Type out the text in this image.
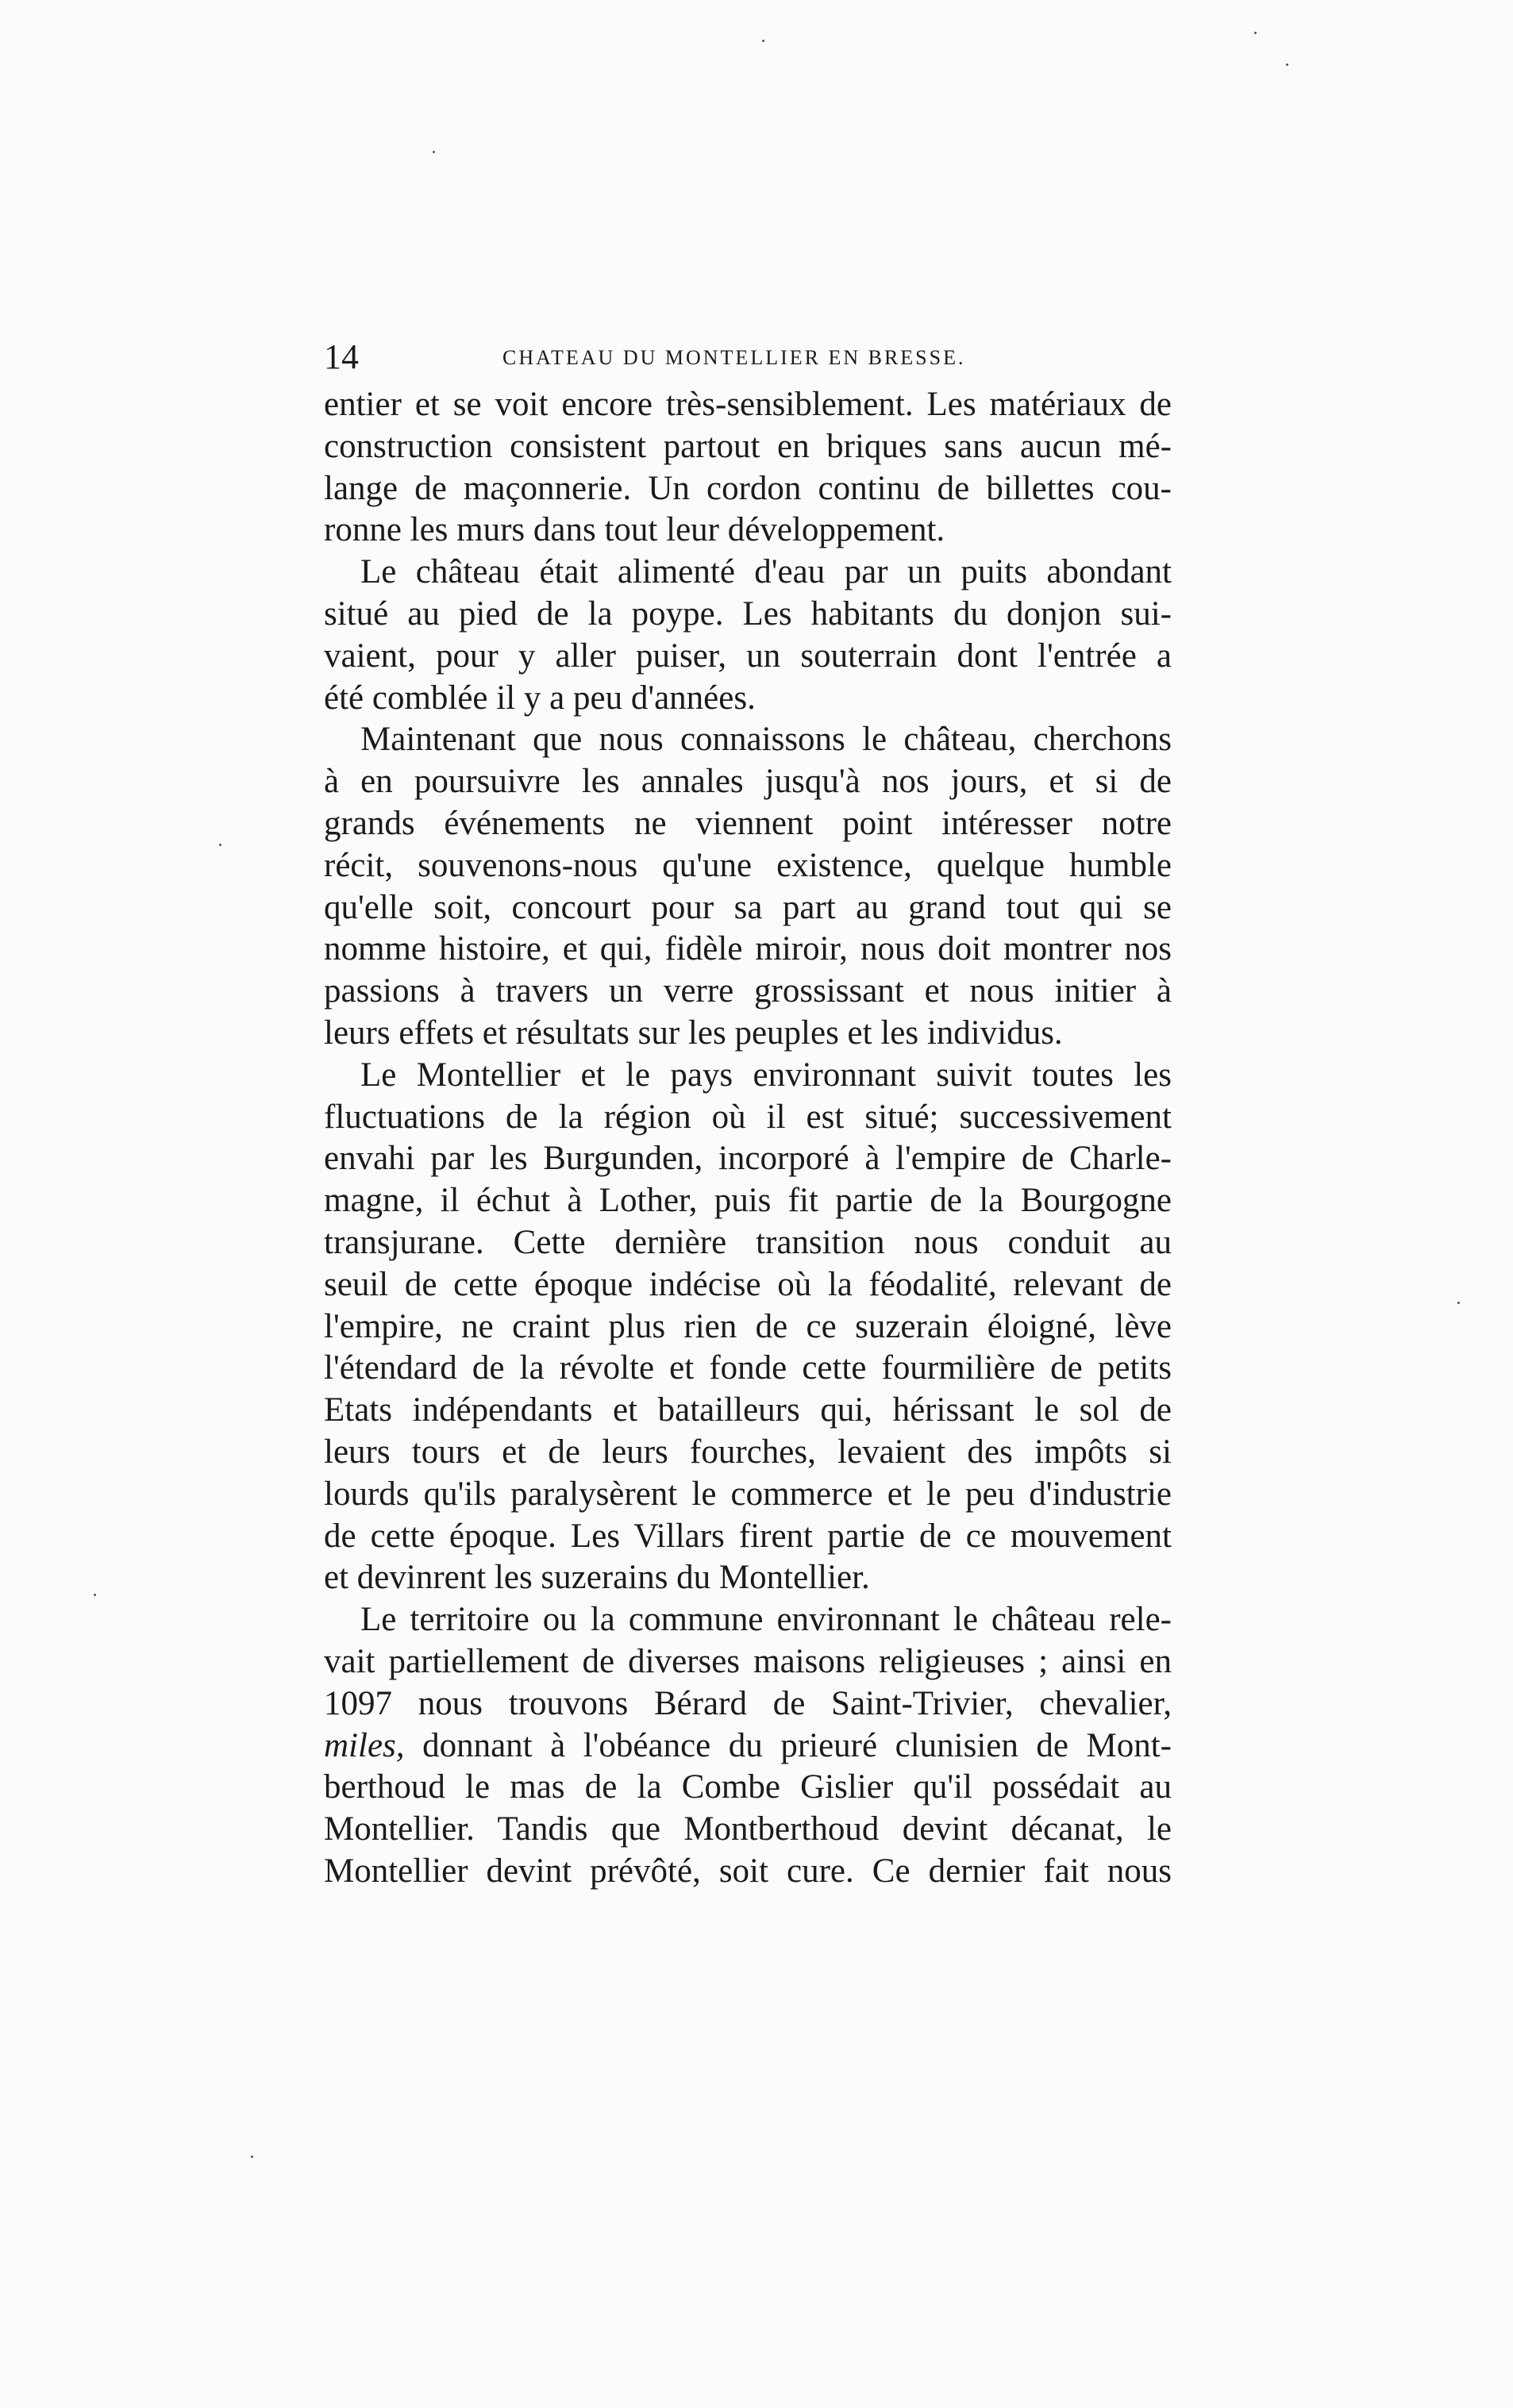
14	CHATEAU DU MONTELLIER EN BRESSE.
entier et se voit encore très-sensiblement. Les matériaux de
construction consistent partout en briques sans aucun mé-
lange de maçonnerie. Un cordon continu de billettes cou-
ronne les murs dans tout leur développement.
Le château était alimenté d'eau par un puits abondant
situé au pied de la poype. Les habitants du donjon sui-
vaient, pour y aller puiser, un souterrain dont l'entrée a
été comblée il y a peu d'années.
Maintenant que nous connaissons le château, cherchons
à en poursuivre les annales jusqu'à nos jours, et si de
grands événements ne viennent point intéresser notre
récit, souvenons-nous qu'une existence, quelque humble
qu'elle soit, concourt pour sa part au grand tout qui se
nomme histoire, et qui, fidèle miroir, nous doit montrer nos
passions à travers un verre grossissant et nous initier à
leurs effets et résultats sur les peuples et les individus.
Le Montellier et le pays environnant suivit toutes les
fluctuations de la région où il est situé; successivement
envahi par les Burgunden, incorporé à l'empire de Charle-
magne, il échut à Lother, puis fit partie de la Bourgogne
transjurane. Cette dernière transition nous conduit au
seuil de cette époque indécise où la féodalité, relevant de
l'empire, ne craint plus rien de ce suzerain éloigné, lève
l'étendard de la révolte et fonde cette fourmilière de petits
Etats indépendants et batailleurs qui, hérissant le sol de
leurs tours et de leurs fourches, levaient des impôts si
lourds qu'ils paralysèrent le commerce et le peu d'industrie
de cette époque. Les Villars firent partie de ce mouvement
et devinrent les suzerains du Montellier.
Le territoire ou la commune environnant le château rele-
vait partiellement de diverses maisons religieuses ; ainsi en
1097 nous trouvons Bérard de Saint-Trivier, chevalier,
miles, donnant à l'obéance du prieuré clunisien de Mont-
berthoud le mas de la Combe Gislier qu'il possédait au
Montellier. Tandis que Montberthoud devint décanat, le
Montellier devint prévôté, soit cure. Ce dernier fait nous
